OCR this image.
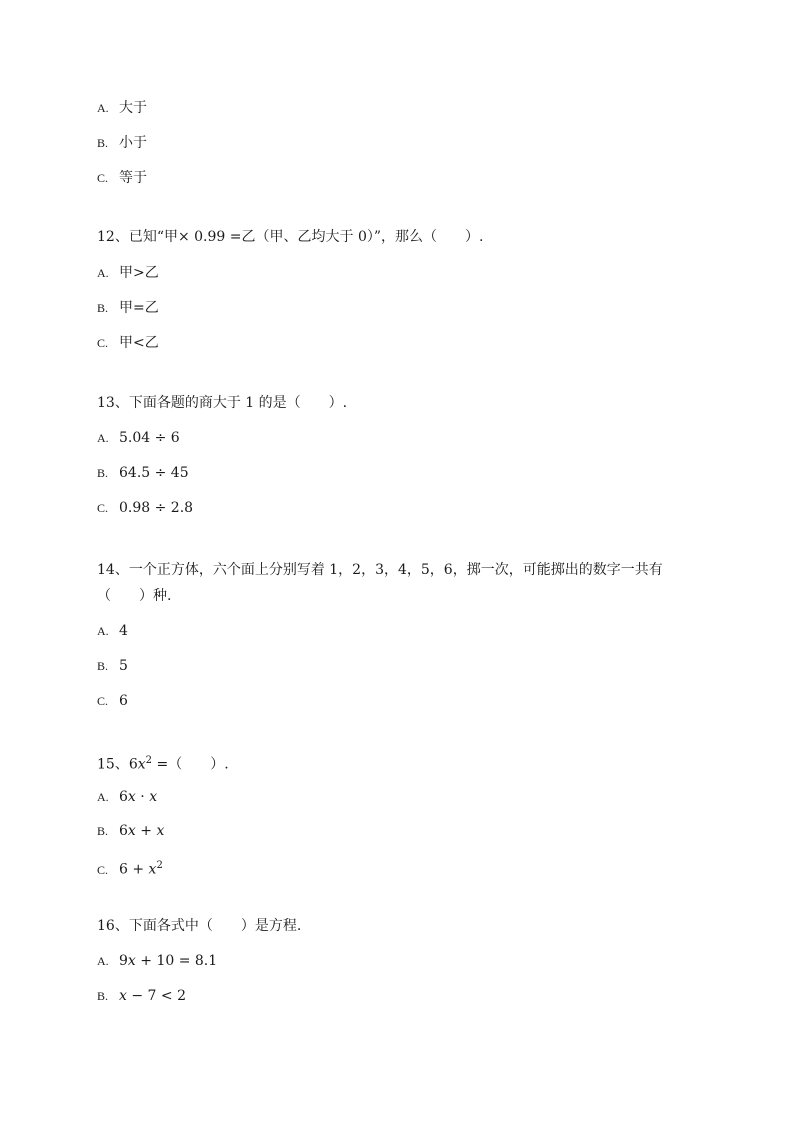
A. 大于
B. 小于
C. 等于
12、已知“甲× 0.99 =乙（甲、乙均大于 0）”，那么（　　）.
A. 甲>乙
B. 甲=乙
C. 甲<乙
13、下面各题的商大于 1 的是（　　）.
A. 5.04 ÷ 6
B. 64.5 ÷ 45
C. 0.98 ÷ 2.8
14、一个正方体，六个面上分别写着 1，2，3，4，5，6，掷一次，可能掷出的数字一共有
（　　）种.
A. 4
B. 5
C. 6
15、$6x^2$ =（　　）.
A. 6x · x
B. 6x + x
C. $6 + x^2$
16、下面各式中（　　）是方程.
A. 9x + 10 = 8.1
B. x − 7 < 2
